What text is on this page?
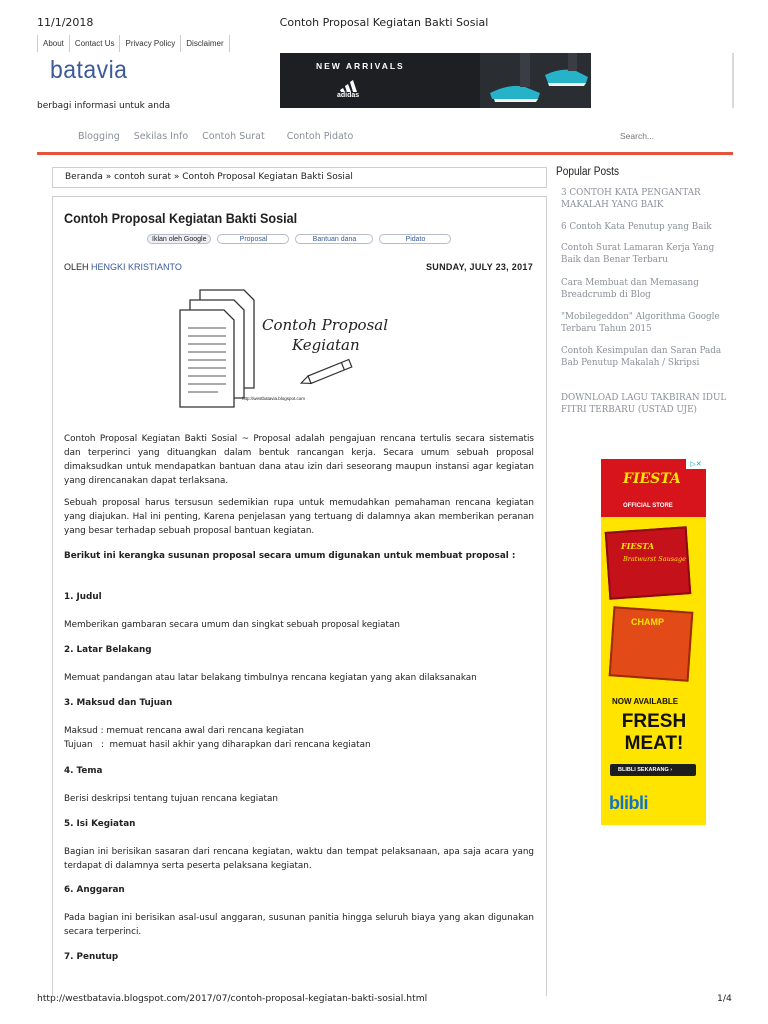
11/1/2018	Contoh Proposal Kegiatan Bakti Sosial
About	Contact Us	Privacy Policy	Disclaimer
batavia
berbagi informasi untuk anda
NEW ARRIVALS
adidas
Blogging Sekilas Info Contoh Surat Contoh Pidato
Search...
Beranda » contoh surat » Contoh Proposal Kegiatan Bakti Sosial
Contoh Proposal Kegiatan Bakti Sosial
Iklan oleh Google	Proposal	Bantuan dana	Pidato
OLEH HENGKI KRISTIANTO	SUNDAY, JULY 23, 2017
Contoh Proposal
Kegiatan
http://westbatavia.blogspot.com

Contoh Proposal Kegiatan Bakti Sosial ~ Proposal adalah pengajuan rencana tertulis secara sistematis dan terperinci yang dituangkan dalam bentuk rancangan kerja. Secara umum sebuah proposal dimaksudkan untuk mendapatkan bantuan dana atau izin dari seseorang maupun instansi agar kegiatan yang direncanakan dapat terlaksana.

Sebuah proposal harus tersusun sedemikian rupa untuk memudahkan pemahaman rencana kegiatan yang diajukan. Hal ini penting, Karena penjelasan yang tertuang di dalamnya akan memberikan peranan yang besar terhadap sebuah proposal bantuan kegiatan.

Berikut ini kerangka susunan proposal secara umum digunakan untuk membuat proposal :

1. Judul
Memberikan gambaran secara umum dan singkat sebuah proposal kegiatan
2. Latar Belakang
Memuat pandangan atau latar belakang timbulnya rencana kegiatan yang akan dilaksanakan
3. Maksud dan Tujuan
Maksud : memuat rencana awal dari rencana kegiatan
Tujuan   :  memuat hasil akhir yang diharapkan dari rencana kegiatan
4. Tema
Berisi deskripsi tentang tujuan rencana kegiatan
5. Isi Kegiatan

Bagian ini berisikan sasaran dari rencana kegiatan, waktu dan tempat pelaksanaan, apa saja acara yang terdapat di dalamnya serta peserta pelaksana kegiatan.

6. Anggaran

Pada bagian ini berisikan asal-usul anggaran, susunan panitia hingga seluruh biaya yang akan digunakan secara terperinci.

7. Penutup
Popular Posts
3 CONTOH KATA PENGANTAR MAKALAH YANG BAIK
6 Contoh Kata Penutup yang Baik
Contoh Surat Lamaran Kerja Yang Baik dan Benar Terbaru
Cara Membuat dan Memasang Breadcrumb di Blog
"Mobilegeddon" Algorithma Google Terbaru Tahun 2015
Contoh Kesimpulan dan Saran Pada Bab Penutup Makalah / Skripsi
DOWNLOAD LAGU TAKBIRAN IDUL FITRI TERBARU (USTAD UJE)
FIESTA
OFFICIAL STORE
▷✕
FIESTA
Bratwurst Sausage
CHAMP
NOW AVAILABLE
FRESH MEAT!
BLIBLI SEKARANG ›
blibli
http://westbatavia.blogspot.com/2017/07/contoh-proposal-kegiatan-bakti-sosial.html	1/4
